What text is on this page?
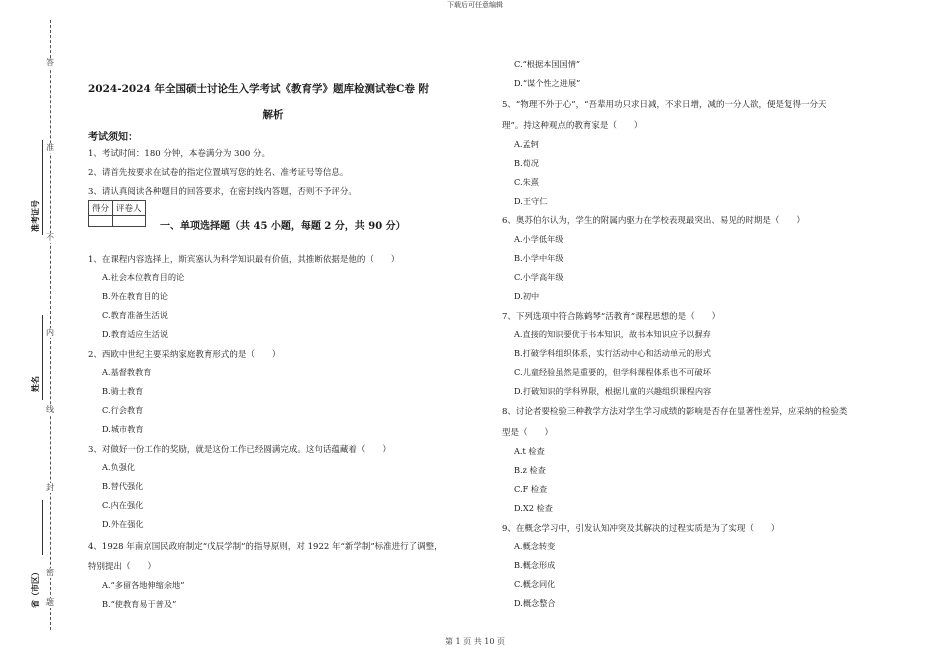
下载后可任意编辑
答
准
不
内
线
封
密
题
准考证号
姓名
省（市区）
2024-2024 年全国硕士讨论生入学考试《教育学》题库检测试卷C卷 附
解析
考试须知：
1、考试时间：180 分钟，本卷满分为 300 分。
2、请首先按要求在试卷的指定位置填写您的姓名、准考证号等信息。
3、请认真阅读各种题目的回答要求，在密封线内答题，否则不予评分。
得分	评卷人

一、单项选择题（共 45 小题，每题 2 分，共 90 分）
1、在课程内容选择上，斯宾塞认为科学知识最有价值，其推断依据是他的（　　）
A.社会本位教育目的论
B.外在教育目的论
C.教育准备生活说
D.教育适应生活说
2、西欧中世纪主要采纳家庭教育形式的是（　　）
A.基督教教育
B.骑士教育
C.行会教育
D.城市教育
3、对做好一份工作的奖励，就是这份工作已经圆满完成。这句话蕴藏着（　　）
A.负强化
B.替代强化
C.内在强化
D.外在强化
4、1928 年南京国民政府制定“戊辰学制”的指导原则，对 1922 年“新学制”标准进行了调整，
特别提出（　　）
A.“多留各地伸缩余地”
B.“使教育易于普及”
C.“根据本国国情”
D.“谋个性之进展”
5、“物理不外于心”，“吾辈用功只求日减，不求日增，减的一分人欲，便是复得一分天
理”。持这种观点的教育家是（　　）
A.孟轲
B.荀况
C.朱熹
D.王守仁
6、奥苏伯尔认为，学生的附属内驱力在学校表现最突出、易见的时期是（　　）
A.小学低年级
B.小学中年级
C.小学高年级
D.初中
7、下列选项中符合陈鹤琴“活教育”课程思想的是（　　）
A.直接的知识要优于书本知识，故书本知识应予以摒弃
B.打破学科组织体系，实行活动中心和活动单元的形式
C.儿童经验虽然是重要的，但学科课程体系也不可破坏
D.打破知识的学科界限，根据儿童的兴趣组织课程内容
8、讨论者要检验三种教学方法对学生学习成绩的影响是否存在显著性差异，应采纳的检验类
型是（　　）
A.t 检查
B.z 检查
C.F 检查
D.X2 检查
9、在概念学习中，引发认知冲突及其解决的过程实质是为了实现（　　）
A.概念转变
B.概念形成
C.概念同化
D.概念整合
第 1 页 共 10 页
